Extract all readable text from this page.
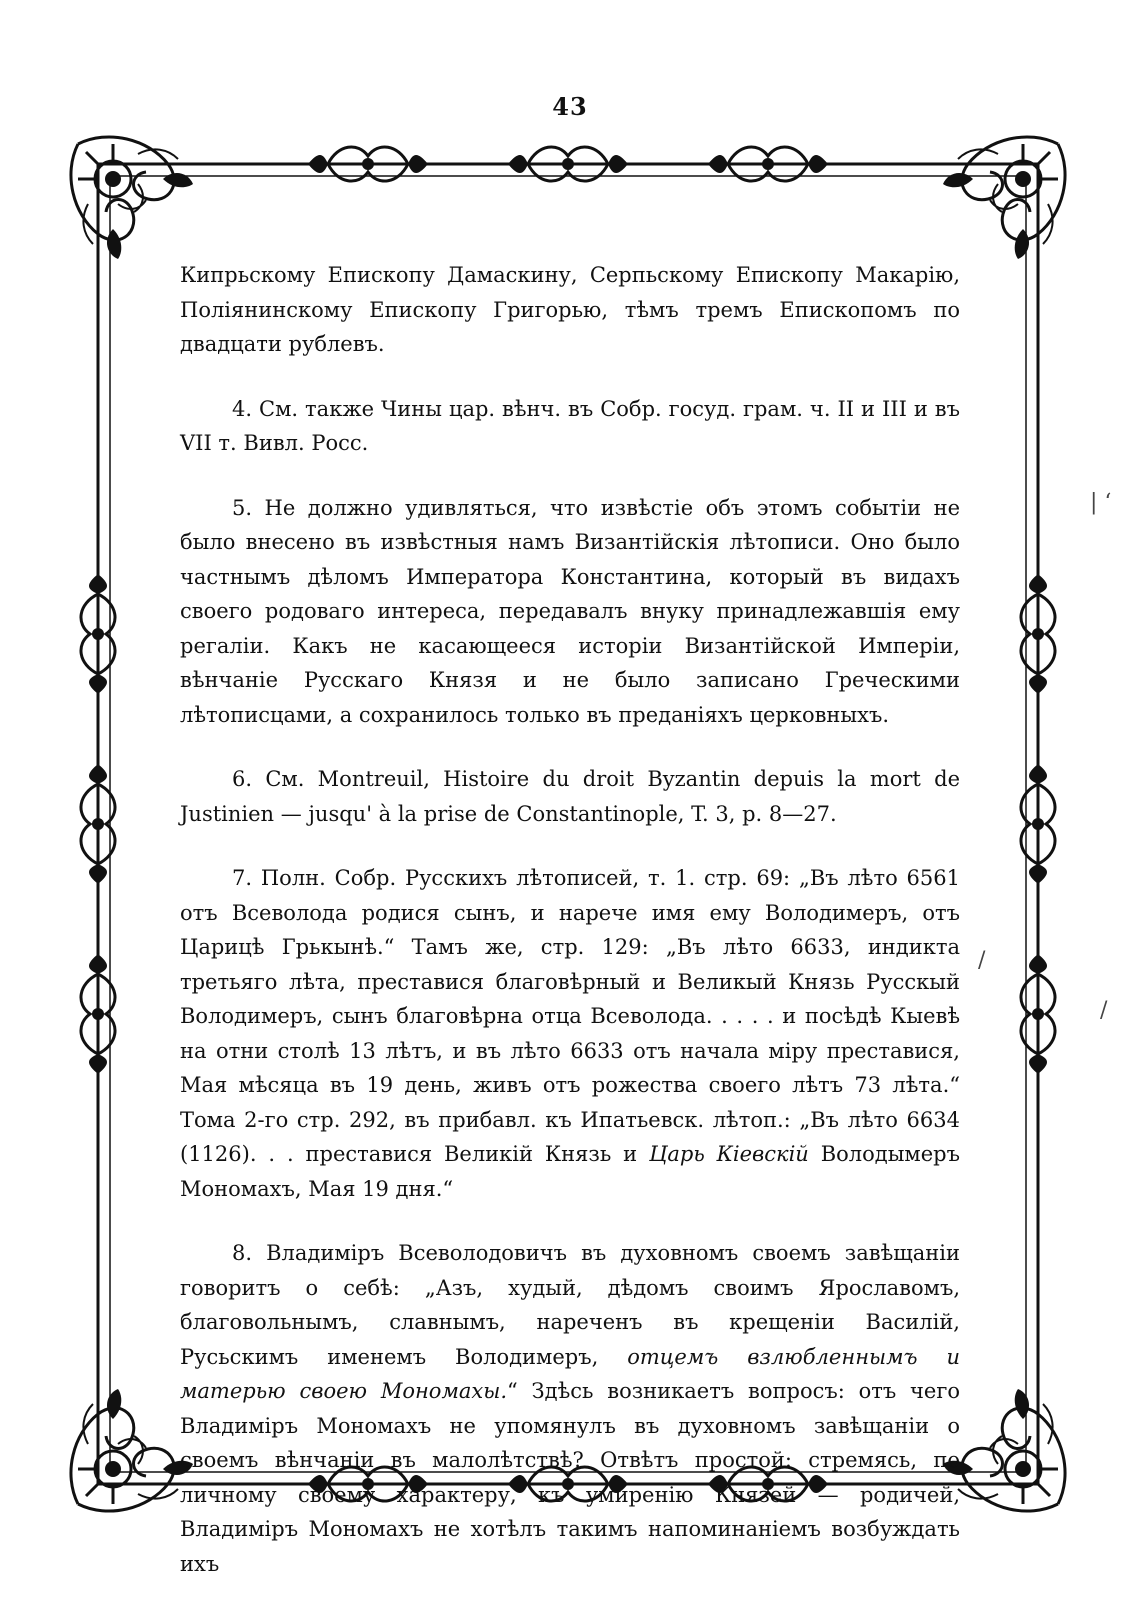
43

Кипрьскому Епископу Дамаскину, Серпьскому Епископу Макарію, Поліянинскому Епископу Григорью, тѣмъ тремъ Епископомъ по двадцати рублевъ.

4. См. также Чины цар. вѣнч. въ Собр. госуд. грам. ч. II и III и въ VII т. Вивл. Росс.

5. Не должно удивляться, что извѣстіе объ этомъ событіи не было внесено въ извѣстныя намъ Византійскія лѣтописи. Оно было частнымъ дѣломъ Императора Константина, который въ видахъ своего родоваго интереса, передавалъ внуку принадлежавшія ему регаліи. Какъ не касающееся исторіи Византійской Имперіи, вѣнчаніе Русскаго Князя и не было записано Греческими лѣтописцами, а сохранилось только въ преданіяхъ церковныхъ.

6. См. Montreuil, Histoire du droit Byzantin depuis la mort de Justinien — jusqu' à la prise de Constantinople, T. 3, p. 8—27.

7. Полн. Собр. Русскихъ лѣтописей, т. 1. стр. 69: „Въ лѣто 6561 отъ Всеволода родися сынъ, и нарече имя ему Володимеръ, отъ Царицѣ Грькынѣ.“ Тамъ же, стр. 129: „Въ лѣто 6633, индикта третьяго лѣта, преставися благовѣрный и Великый Князь Русскый Володимеръ, сынъ благовѣрна отца Всеволода. . . . . и посѣдѣ Кыевѣ на отни столѣ 13 лѣтъ, и въ лѣто 6633 отъ начала міру преставися, Мая мѣсяца въ 19 день, живъ отъ рожества своего лѣтъ 73 лѣта.“ Тома 2-го стр. 292, въ прибавл. къ Ипатьевск. лѣтоп.: „Въ лѣто 6634 (1126). . . преставися Великій Князь и Царь Кіевскій Володымеръ Мономахъ, Мая 19 дня.“

8. Владиміръ Всеволодовичъ въ духовномъ своемъ завѣщаніи говоритъ о себѣ: „Азъ, худый, дѣдомъ своимъ Ярославомъ, благовольнымъ, славнымъ, нареченъ въ крещеніи Василій, Русьскимъ именемъ Володимеръ, отцемъ взлюбленнымъ и матерью своею Мономахы.“ Здѣсь возникаетъ вопросъ: отъ чего Владиміръ Мономахъ не упомянулъ въ духовномъ завѣщаніи о своемъ вѣнчаніи въ малолѣтствѣ? Отвѣтъ простой: стремясь, по личному своему характеру, къ умиренію Князей — родичей, Владиміръ Мономахъ не хотѣлъ такимъ напоминаніемъ возбуждать ихъ

| ‘
/
/
